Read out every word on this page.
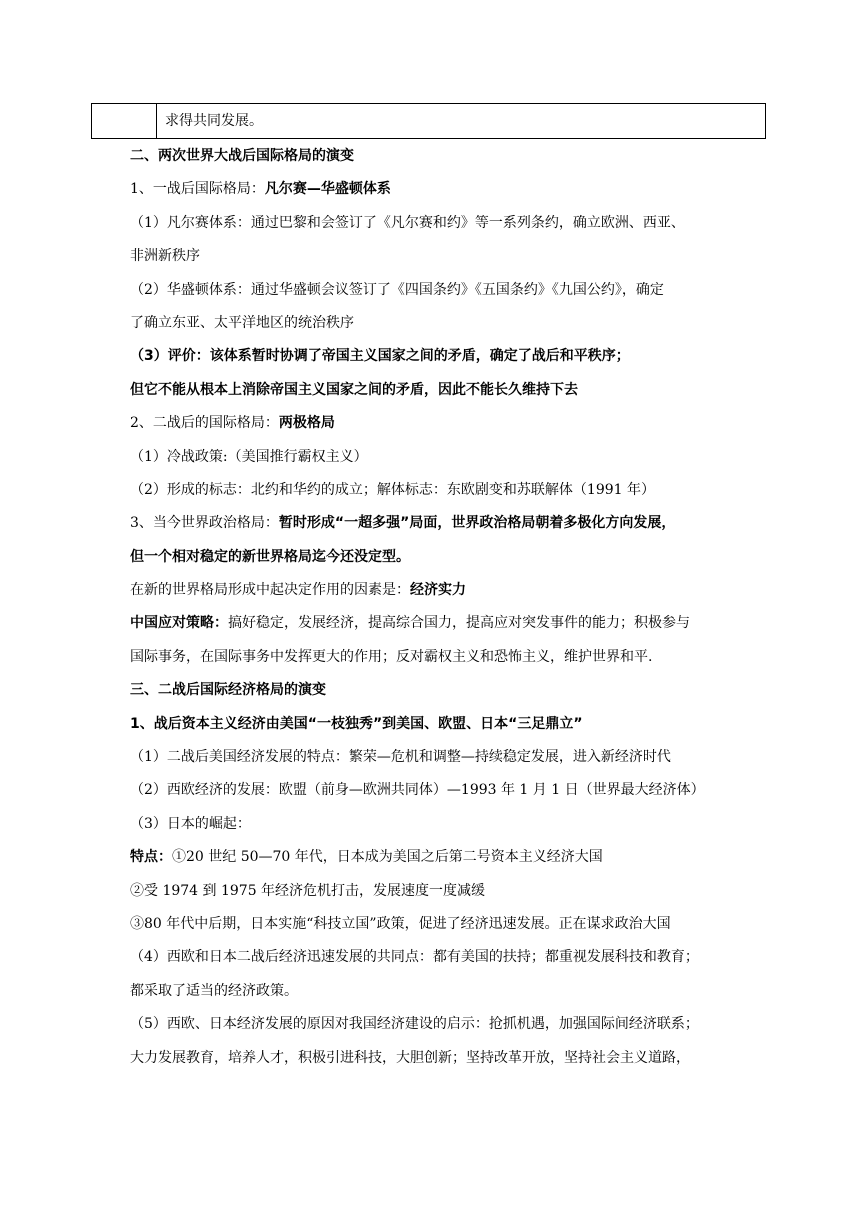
求得共同发展。
二、两次世界大战后国际格局的演变
1、一战后国际格局：凡尔赛—华盛顿体系
（1）凡尔赛体系：通过巴黎和会签订了《凡尔赛和约》等一系列条约，确立欧洲、西亚、
非洲新秩序
（2）华盛顿体系：通过华盛顿会议签订了《四国条约》《五国条约》《九国公约》，确定
了确立东亚、太平洋地区的统治秩序
（3）评价：该体系暂时协调了帝国主义国家之间的矛盾，确定了战后和平秩序；
但它不能从根本上消除帝国主义国家之间的矛盾，因此不能长久维持下去
2、二战后的国际格局：两极格局
（1）冷战政策:（美国推行霸权主义）
（2）形成的标志：北约和华约的成立；解体标志：东欧剧变和苏联解体（1991 年）
3、当今世界政治格局：暂时形成“一超多强”局面，世界政治格局朝着多极化方向发展，
但一个相对稳定的新世界格局迄今还没定型。
在新的世界格局形成中起决定作用的因素是：经济实力
中国应对策略：搞好稳定，发展经济，提高综合国力，提高应对突发事件的能力；积极参与
国际事务，在国际事务中发挥更大的作用；反对霸权主义和恐怖主义，维护世界和平.
三、二战后国际经济格局的演变
1、战后资本主义经济由美国“一枝独秀”到美国、欧盟、日本“三足鼎立”
（1）二战后美国经济发展的特点：繁荣—危机和调整—持续稳定发展，进入新经济时代
（2）西欧经济的发展：欧盟（前身—欧洲共同体）—1993 年 1 月 1 日（世界最大经济体）
（3）日本的崛起：
特点：①20 世纪 50—70 年代，日本成为美国之后第二号资本主义经济大国
②受 1974 到 1975 年经济危机打击，发展速度一度减缓
③80 年代中后期，日本实施“科技立国”政策，促进了经济迅速发展。正在谋求政治大国
（4）西欧和日本二战后经济迅速发展的共同点：都有美国的扶持；都重视发展科技和教育；
都采取了适当的经济政策。
（5）西欧、日本经济发展的原因对我国经济建设的启示：抢抓机遇，加强国际间经济联系；
大力发展教育，培养人才，积极引进科技，大胆创新；坚持改革开放，坚持社会主义道路，
